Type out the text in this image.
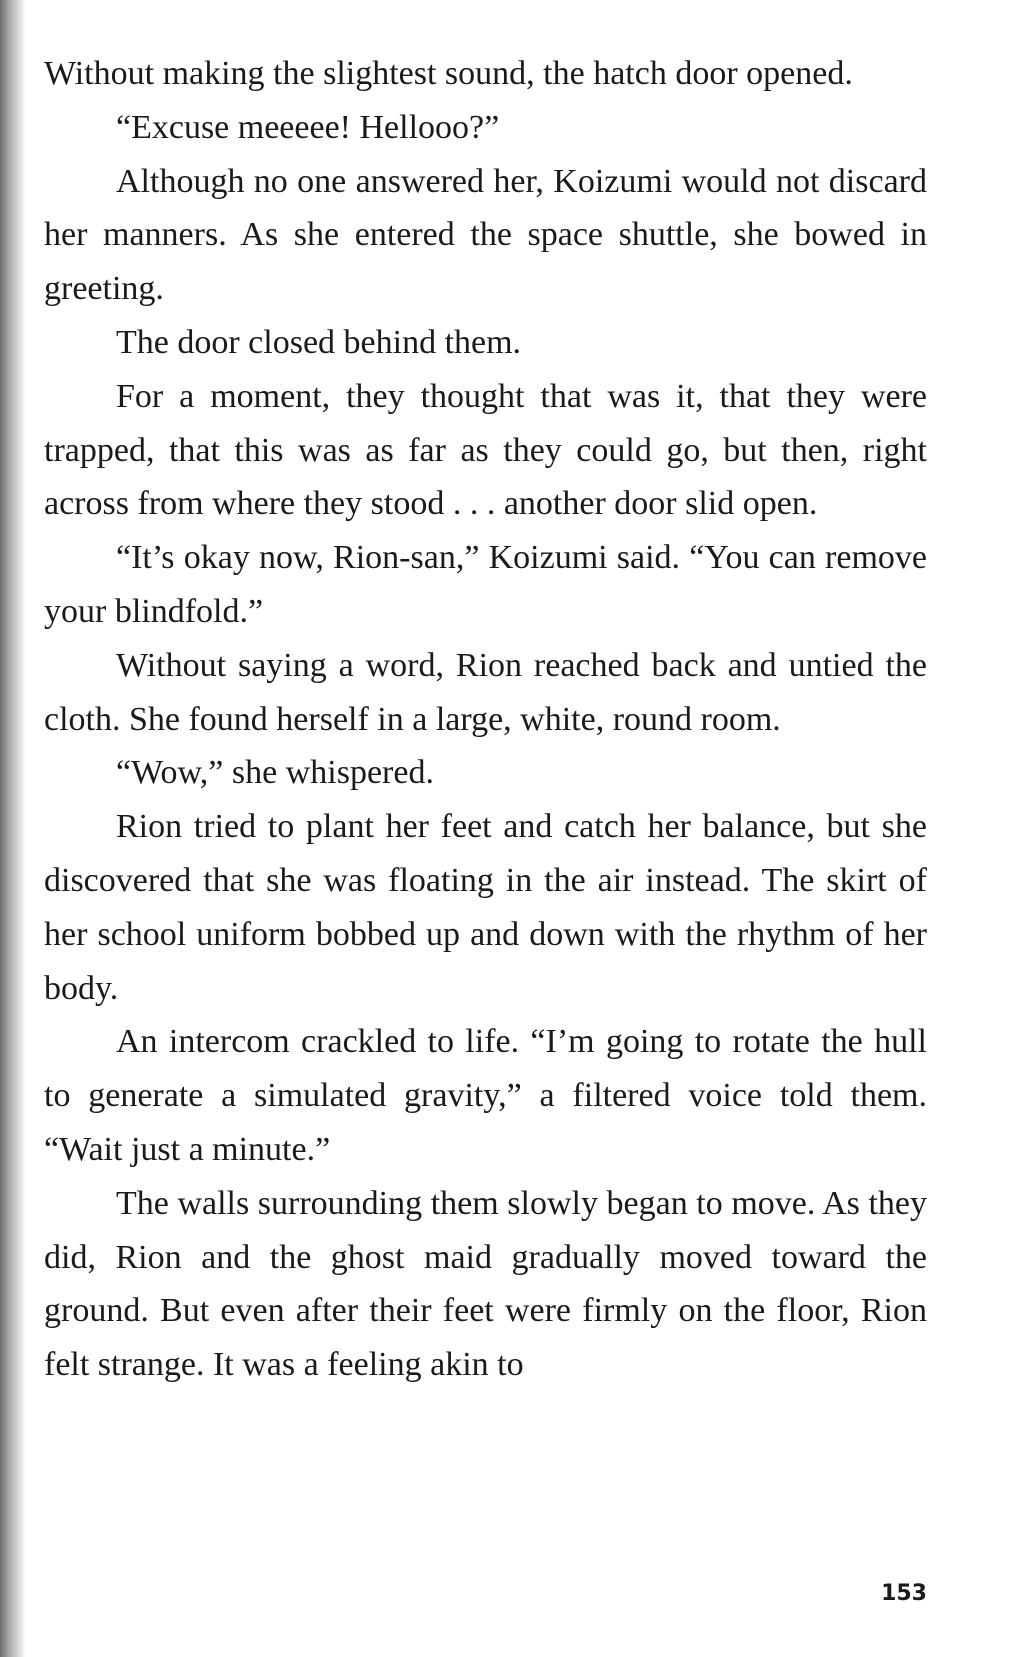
Without making the slightest sound, the hatch door opened.

“Excuse meeeee! Hellooo?”

Although no one answered her, Koizumi would not discard her manners. As she entered the space shuttle, she bowed in greeting.

The door closed behind them.

For a moment, they thought that was it, that they were trapped, that this was as far as they could go, but then, right across from where they stood . . . another door slid open.

“It’s okay now, Rion-san,” Koizumi said. “You can remove your blindfold.”

Without saying a word, Rion reached back and untied the cloth. She found herself in a large, white, round room.

“Wow,” she whispered.

Rion tried to plant her feet and catch her balance, but she discovered that she was floating in the air instead. The skirt of her school uniform bobbed up and down with the rhythm of her body.

An intercom crackled to life. “I’m going to rotate the hull to generate a simulated gravity,” a filtered voice told them. “Wait just a minute.”

The walls surrounding them slowly began to move. As they did, Rion and the ghost maid gradually moved toward the ground. But even after their feet were firmly on the floor, Rion felt strange. It was a feeling akin to

153
